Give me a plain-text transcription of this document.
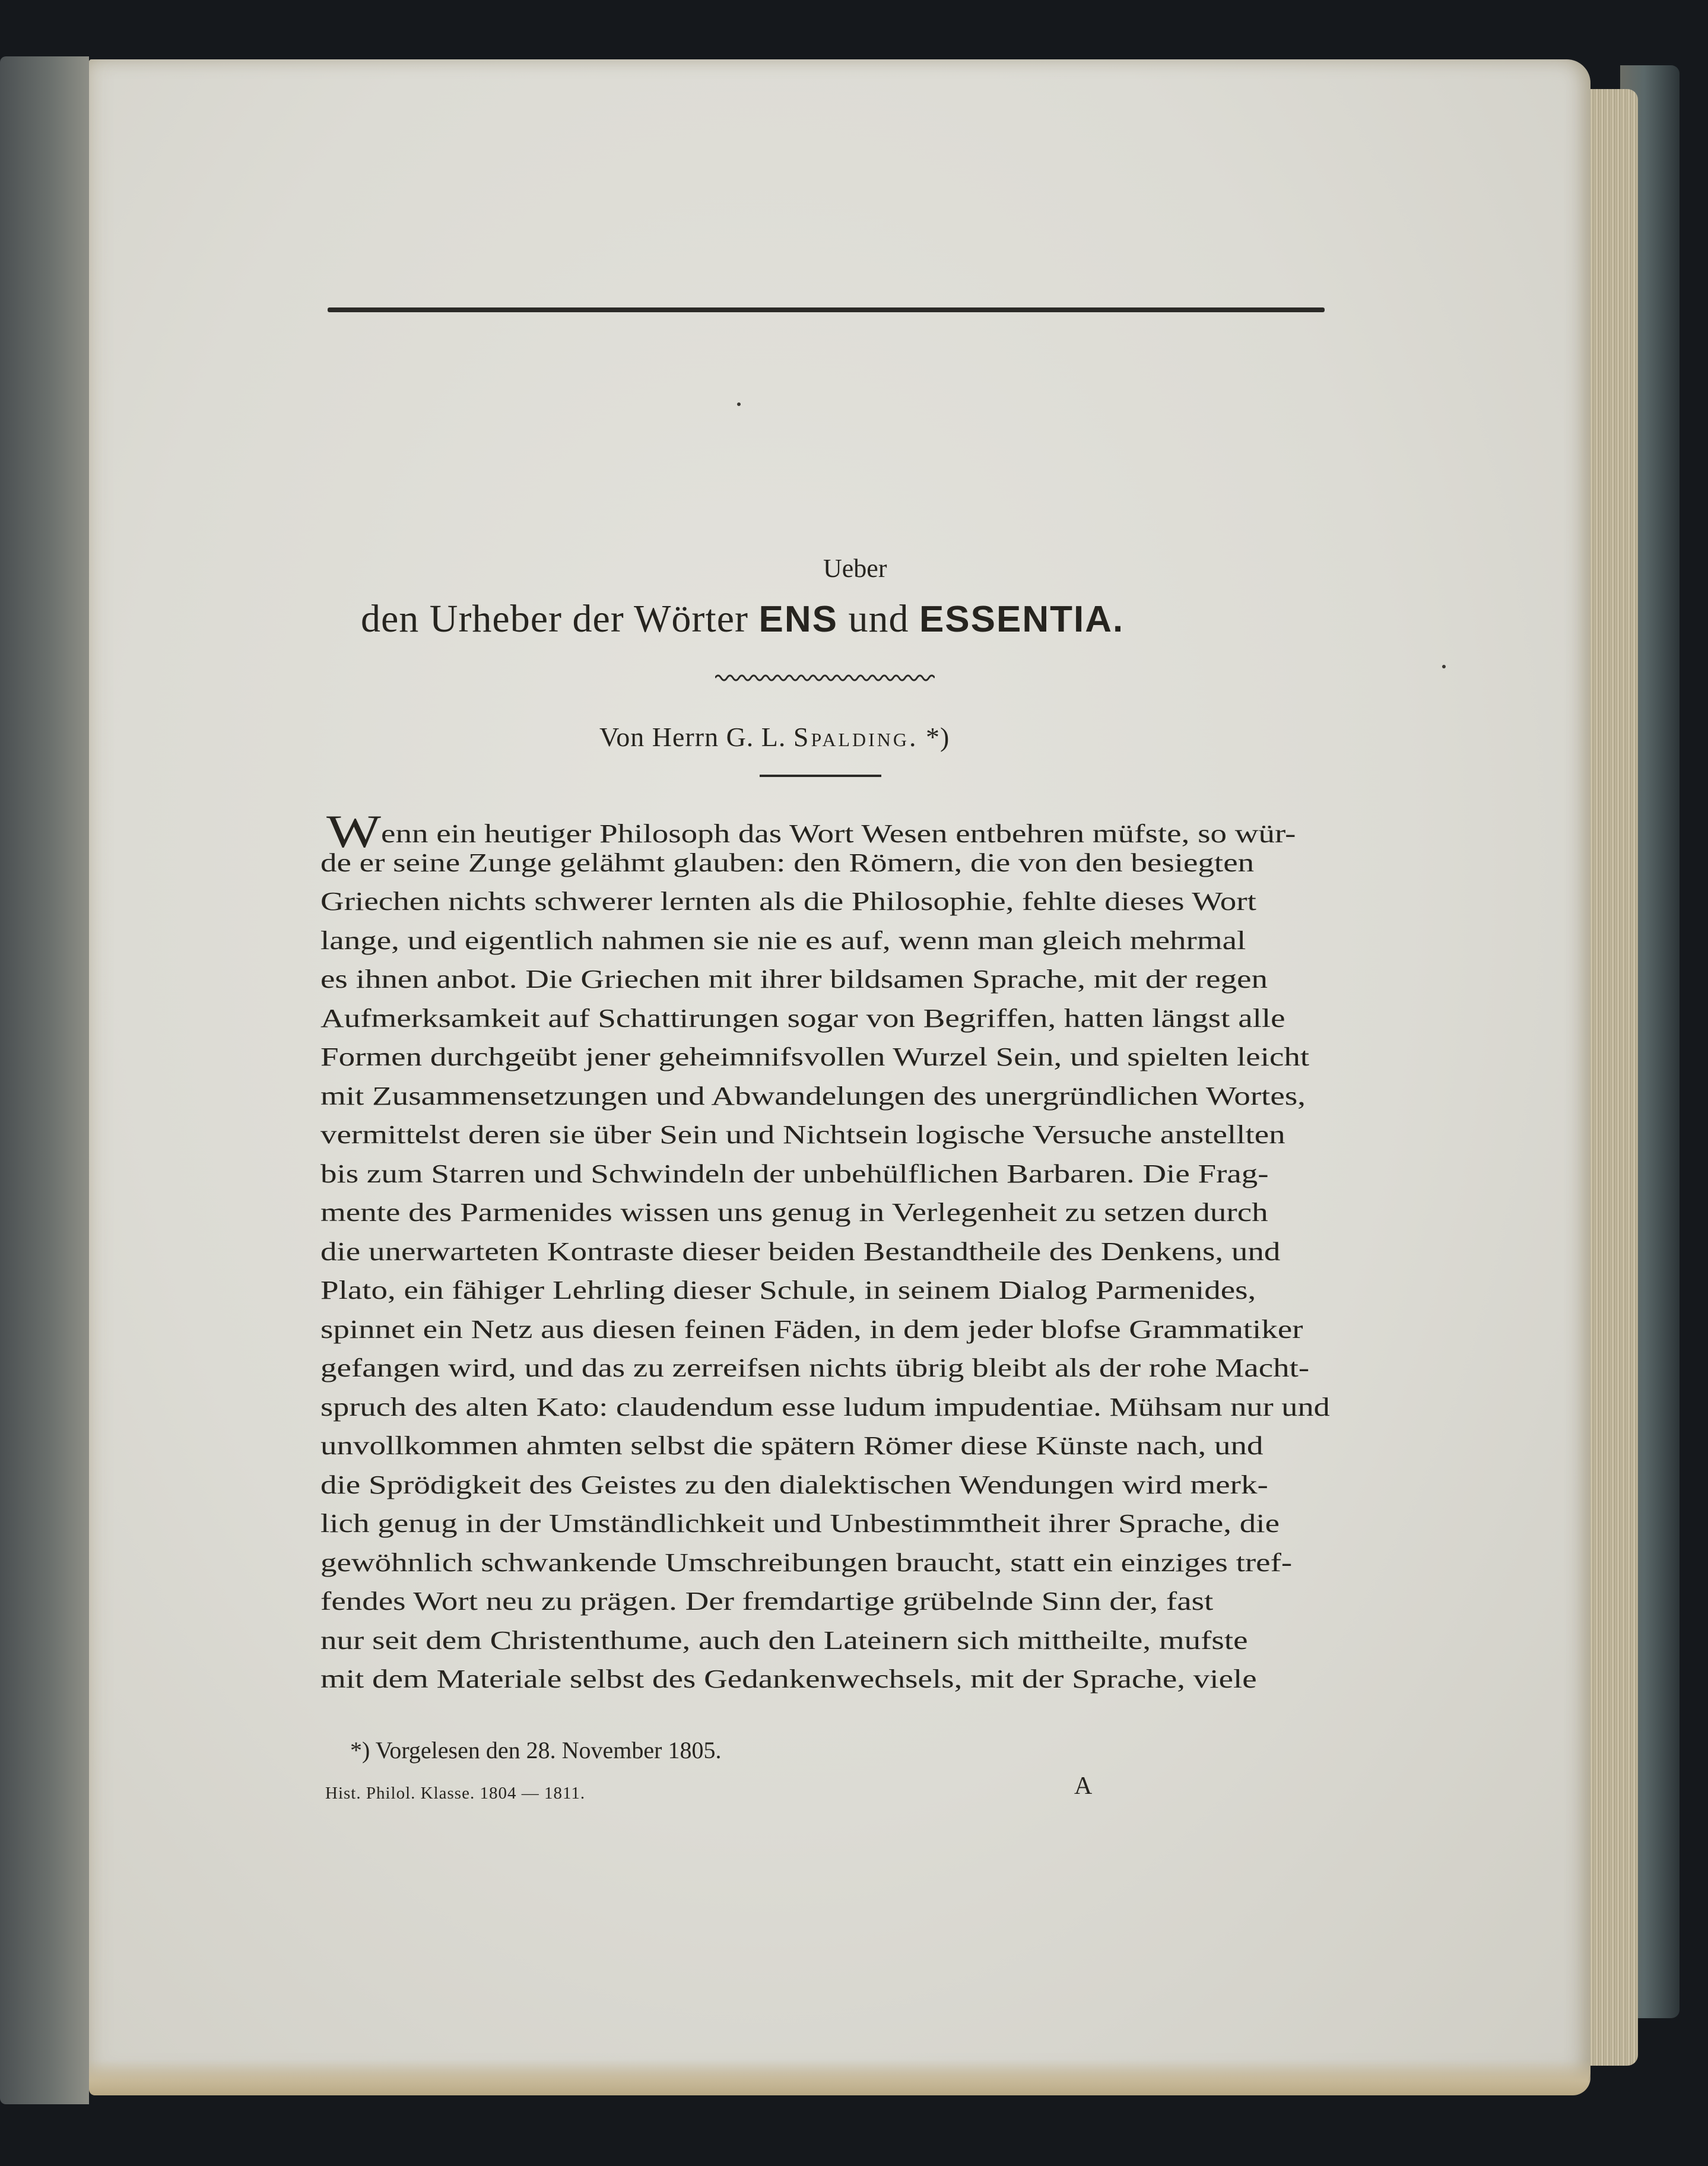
Ueber
den Urheber der Wörter ENS und ESSENTIA.
Von Herrn G. L. Spalding. *)
Wenn ein heutiger Philosoph das Wort Wesen entbehren müfste, so wür-
de er seine Zunge gelähmt glauben: den Römern, die von den besiegten
Griechen nichts schwerer lernten als die Philosophie, fehlte dieses Wort
lange, und eigentlich nahmen sie nie es auf, wenn man gleich mehrmal
es ihnen anbot. Die Griechen mit ihrer bildsamen Sprache, mit der regen
Aufmerksamkeit auf Schattirungen sogar von Begriffen, hatten längst alle
Formen durchgeübt jener geheimnifsvollen Wurzel Sein, und spielten leicht
mit Zusammensetzungen und Abwandelungen des unergründlichen Wortes,
vermittelst deren sie über Sein und Nichtsein logische Versuche anstellten
bis zum Starren und Schwindeln der unbehülflichen Barbaren. Die Frag-
mente des Parmenides wissen uns genug in Verlegenheit zu setzen durch
die unerwarteten Kontraste dieser beiden Bestandtheile des Denkens, und
Plato, ein fähiger Lehrling dieser Schule, in seinem Dialog Parmenides,
spinnet ein Netz aus diesen feinen Fäden, in dem jeder blofse Grammatiker
gefangen wird, und das zu zerreifsen nichts übrig bleibt als der rohe Macht-
spruch des alten Kato: claudendum esse ludum impudentiae. Mühsam nur und
unvollkommen ahmten selbst die spätern Römer diese Künste nach, und
die Sprödigkeit des Geistes zu den dialektischen Wendungen wird merk-
lich genug in der Umständlichkeit und Unbestimmtheit ihrer Sprache, die
gewöhnlich schwankende Umschreibungen braucht, statt ein einziges tref-
fendes Wort neu zu prägen. Der fremdartige grübelnde Sinn der, fast
nur seit dem Christenthume, auch den Lateinern sich mittheilte, mufste
mit dem Materiale selbst des Gedankenwechsels, mit der Sprache, viele
*) Vorgelesen den 28. November 1805.
Hist. Philol. Klasse. 1804 — 1811.	A
